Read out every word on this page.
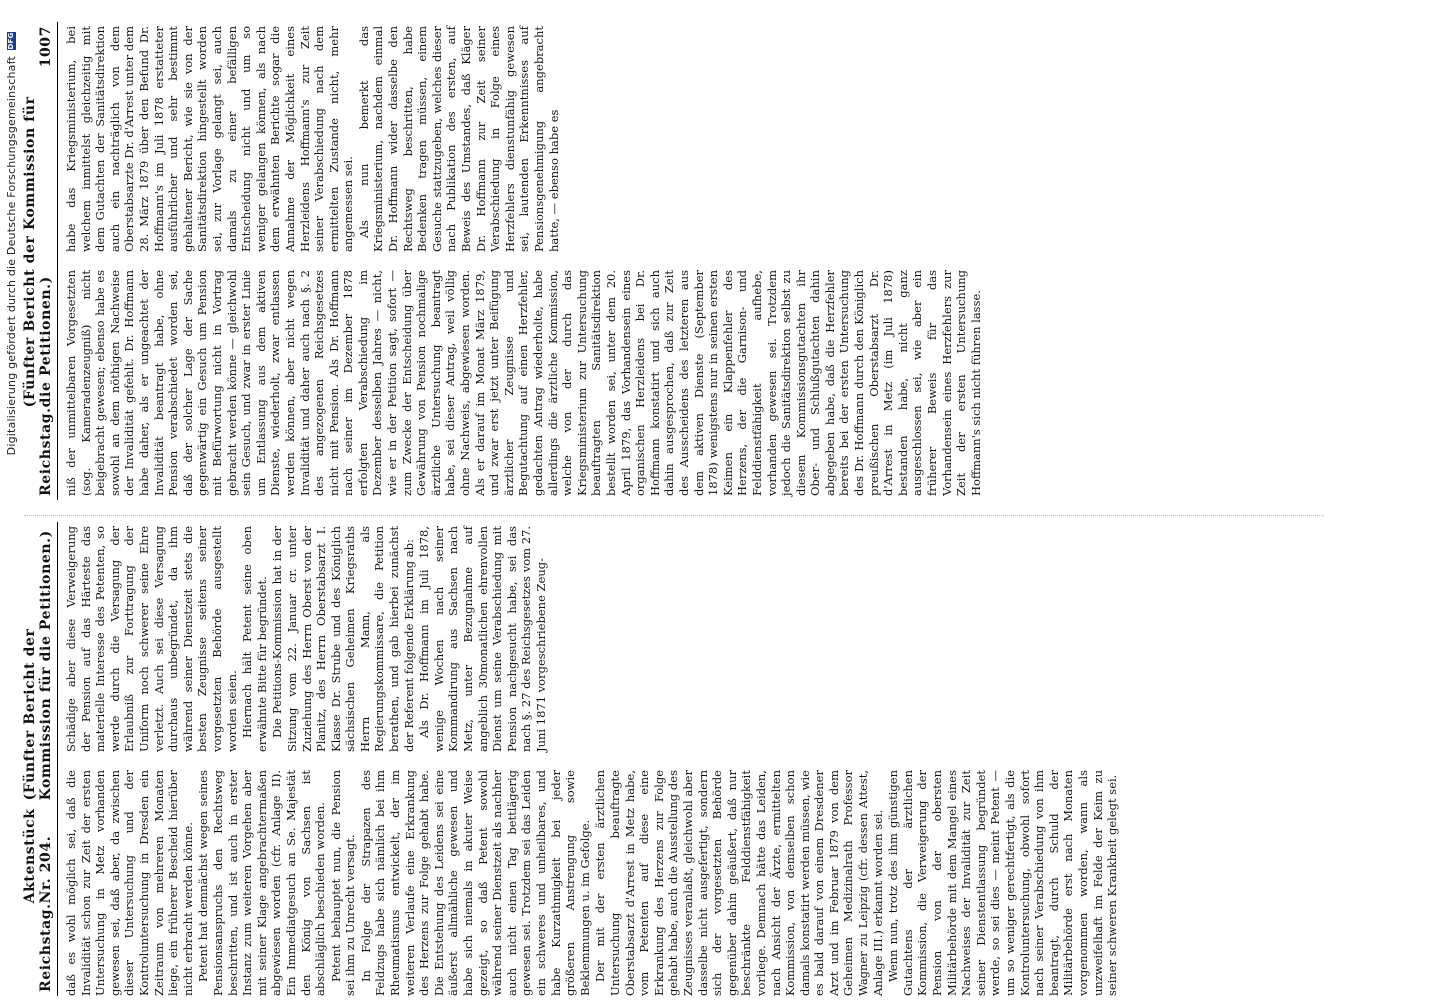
Digitalisierung gefördert durch die Deutsche Forschungsgemeinschaft
DFG
Reichstag.
Aktenstück Nr. 204.
(Fünfter Bericht der Kommission für die Petitionen.)

daß es wohl möglich sei, daß die Invalidität schon zur Zeit der ersten Untersuchung in Metz vorhanden gewesen sei, daß aber, da zwischen dieser Untersuchung und der Kontroluntersuchung in Dresden ein Zeitraum von mehreren Monaten liege, ein früherer Bescheid hierüber nicht erbracht werden könne. Petent hat demnächst wegen seines Pensionsanspruchs den Rechtsweg beschritten, und ist auch in erster Instanz zum weiteren Vorgehen aber mit seiner Klage angebrachtermaßen abgewiesen worden (cfr. Anlage II). Ein Immediatgesuch an Se. Majestät den König von Sachsen ist abschläglich beschieden worden. Petent behauptet nun, die Pension sei ihm zu Unrecht versagt. In Folge der Strapazen des Feldzugs habe sich nämlich bei ihm Rheumatismus entwickelt, der im weiteren Verlaufe eine Erkrankung des Herzens zur Folge gehabt habe. Die Entstehung des Leidens sei eine äußerst allmähliche gewesen und habe sich niemals in akuter Weise gezeigt, so daß Petent sowohl während seiner Dienstzeit als nachher auch nicht einen Tag bettlägerig gewesen sei. Trotzdem sei das Leiden ein schweres und unheilbares, und habe Kurzathmigkeit bei jeder größeren Anstrengung sowie Beklemmungen u. im Gefolge. Der mit der ersten ärztlichen Untersuchung beauftragte Oberstabsarzt d'Arrest in Metz habe, vom Petenten auf diese eine Erkrankung des Herzens zur Folge gehabt habe, auch die Ausstellung des Zeugnisses veranlaßt, gleichwohl aber dasselbe nicht ausgefertigt, sondern sich der vorgesetzten Behörde gegenüber dahin geäußert, daß nur beschränkte Felddienstfähigkeit vorliege. Demnach hätte das Leiden, nach Ansicht der Ärzte, ermittelten Kommission, von demselben schon damals konstatirt werden müssen, wie es bald darauf von einem Dresdener Arzt und im Februar 1879 von dem Geheimen Medizinalrath Professor Wagner zu Leipzig (cfr. dessen Attest, Anlage III.) erkannt worden sei. Wenn nun, trotz des ihm günstigen Gutachtens der ärztlichen Kommission, die Verweigerung der Pension von der obersten Militärbehörde mit dem Mangel eines Nachweises der Invalidität zur Zeit seiner Dienstentlassung begründet werde, so sei dies — meint Petent — um so weniger gerechtfertigt, als die Kontroluntersuchung, obwohl sofort nach seiner Verabschiedung von ihm beantragt, durch Schuld der Militärbehörde erst nach Monaten vorgenommen worden, wann als unzweifelhaft im Felde der Keim zu seiner schweren Krankheit gelegt sei.

Schädige aber diese Verweigerung der Pension auf das Härteste das materielle Interesse des Petenten, so werde durch die Versagung der Erlaubniß zur Forttragung der Uniform noch schwerer seine Ehre verletzt. Auch sei diese Versagung durchaus unbegründet, da ihm während seiner Dienstzeit stets die besten Zeugnisse seitens seiner vorgesetzten Behörde ausgestellt worden seien. Hiernach hält Petent seine oben erwähnte Bitte für begründet. Die Petitions-Kommission hat in der Sitzung vom 22. Januar cr. unter Zuziehung des Herrn Oberst von der Planitz, des Herrn Oberstabsarzt I. Klasse Dr. Strube und des Königlich sächsischen Geheimen Kriegsraths Herrn Mann, als Regierungskommissare, die Petition berathen, und gab hierbei zunächst der Referent folgende Erklärung ab: Als Dr. Hoffmann im Juli 1878, wenige Wochen nach seiner Kommandirung aus Sachsen nach Metz, unter Bezugnahme auf angeblich 30monatlichen ehrenvollen Dienst um seine Verabschiedung mit Pension nachgesucht habe, sei das nach §. 27 des Reichsgesetzes vom 27. Juni 1871 vorgeschriebene Zeug-

Reichstag.
(Fünfter Bericht der Kommission für die Petitionen.)
1007

niß der unmittelbaren Vorgesetzten (sog. Kameradenzeugniß) nicht beigebracht gewesen; ebenso habe es sowohl an dem nöthigen Nachweise der Invalidität gefehlt. Dr. Hoffmann habe daher, als er ungeachtet der Invalidität beantragt habe, ohne Pension verabschiedet worden sei, daß der solcher Lage der Sache gegenwärtig ein Gesuch um Pension mit Befürwortung nicht in Vortrag gebracht werden könne — gleichwohl sein Gesuch, und zwar in erster Linie um Entlassung aus dem aktiven Dienste, wiederholt, zwar entlassen werden können, aber nicht wegen Invalidität und daher auch nach §. 2 des angezogenen Reichsgesetzes nicht mit Pension. Als Dr. Hoffmann nach seiner im Dezember 1878 erfolgten Verabschiedung im Dezember desselben Jahres — nicht, wie er in der Petition sagt, sofort — zum Zwecke der Entscheidung über Gewährung von Pension nochmalige ärztliche Untersuchung beantragt habe, sei dieser Antrag, weil völlig ohne Nachweis, abgewiesen worden. Als er darauf im Monat März 1879, und zwar erst jetzt unter Beifügung ärztlicher Zeugnisse und Begutachtung auf einen Herzfehler, gedachten Antrag wiederholte, habe allerdings die ärztliche Kommission, welche von der durch das Kriegsministerium zur Untersuchung beauftragten Sanitätsdirektion bestellt worden sei, unter dem 20. April 1879, das Vorhandensein eines organischen Herzleidens bei Dr. Hoffmann konstatirt und sich auch dahin ausgesprochen, daß zur Zeit des Ausscheidens des letzteren aus dem aktiven Dienste (September 1878) wenigstens nur in seinen ersten Keimen ein Klappenfehler des Herzens, der die Garnison- und Felddienstfähigkeit aufhebe, vorhanden gewesen sei. Trotzdem jedoch die Sanitätsdirektion selbst zu diesem Kommissionsgutachten ihr Ober- und Schlußgutachten dahin abgegeben habe, daß die Herzfehler bereits bei der ersten Untersuchung des Dr. Hoffmann durch den Königlich preußischen Oberstabsarzt Dr. d'Arrest in Metz (im Juli 1878) bestanden habe, nicht ganz ausgeschlossen sei, wie aber ein früherer Beweis für das Vorhandensein eines Herzfehlers zur Zeit der ersten Untersuchung Hoffmann's sich nicht führen lasse.

habe das Kriegsministerium, bei welchem inmittelst gleichzeitig mit dem Gutachten der Sanitätsdirektion auch ein nachträglich von dem Oberstabsarzte Dr. d'Arrest unter dem 28. März 1879 über den Befund Dr. Hoffmann's im Juli 1878 erstatteter ausführlicher und sehr bestimmt gehaltener Bericht, wie sie von der Sanitätsdirektion hingestellt worden sei, zur Vorlage gelangt sei, auch damals zu einer befälligen Entscheidung nicht und um so weniger gelangen können, als nach dem erwähnten Berichte sogar die Annahme der Möglichkeit eines Herzleidens Hoffmann's zur Zeit seiner Verabschiedung nach dem ermittelten Zustande nicht, mehr angemessen sei. Als nun bemerkt das Kriegsministerium, nachdem einmal Dr. Hoffmann wider dasselbe den Rechtsweg beschritten, habe Bedenken tragen müssen, einem Gesuche stattzugeben, welches dieser nach Publikation des ersten, auf Beweis des Umstandes, daß Kläger Dr. Hoffmann zur Zeit seiner Verabschiedung in Folge eines Herzfehlers dienstunfähig gewesen sei, lautenden Erkenntnisses auf Pensionsgenehmigung angebracht hatte, — ebenso habe es
